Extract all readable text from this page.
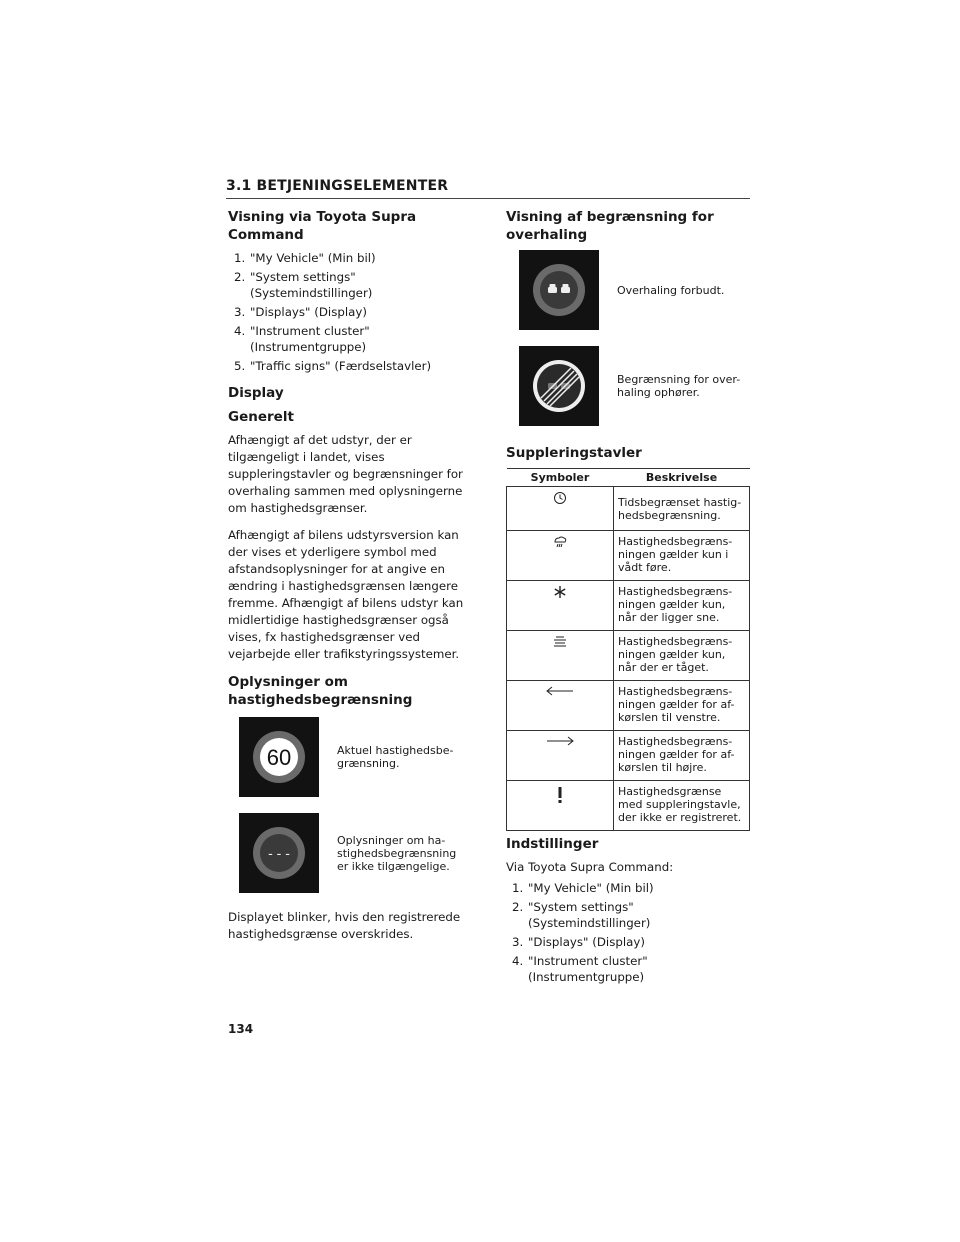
3.1 BETJENINGSELEMENTER
Visning via Toyota Supra Command
1. "My Vehicle" (Min bil)
2. "System settings" (Systemindstillinger)
3. "Displays" (Display)
4. "Instrument cluster" (Instrumentgruppe)
5. "Traffic signs" (Færdselstavler)
Display
Generelt

Afhængigt af det udstyr, der er tilgængeligt i landet, vises suppleringstavler og begrænsninger for overhaling sammen med oplysningerne om hastighedsgrænser.

Afhængigt af bilens udstyrsversion kan der vises et yderligere symbol med afstandsoplysninger for at angive en ændring i hastighedsgrænsen længere fremme. Afhængigt af bilens udstyr kan midlertidige hastighedsgrænser også vises, fx hastighedsgrænser ved vejarbejde eller trafikstyringssystemer.

Oplysninger om hastighedsbegrænsning
60	Aktuel hastighedsbe-grænsning.
- - -
Oplysninger om ha-stighedsbegrænsning er ikke tilgængelige.

Displayet blinker, hvis den registrerede hastighedsgrænse overskrides.

Visning af begrænsning for overhaling
Overhaling forbudt.
Begrænsning for over-haling ophører.
Suppleringstavler
Symboler	Beskrivelse
	Tidsbegrænset hastig-hedsbegrænsning.
	Hastighedsbegræns-ningen gælder kun i vådt føre.
	Hastighedsbegræns-ningen gælder kun, når der ligger sne.
	Hastighedsbegræns-ningen gælder kun, når der er tåget.
	Hastighedsbegræns-ningen gælder for af-kørslen til venstre.
	Hastighedsbegræns-ningen gælder for af-kørslen til højre.
	Hastighedsgrænse med suppleringstavle, der ikke er registreret.
Indstillinger

Via Toyota Supra Command:

1. "My Vehicle" (Min bil)
2. "System settings" (Systemindstillinger)
3. "Displays" (Display)
4. "Instrument cluster" (Instrumentgruppe)
134
